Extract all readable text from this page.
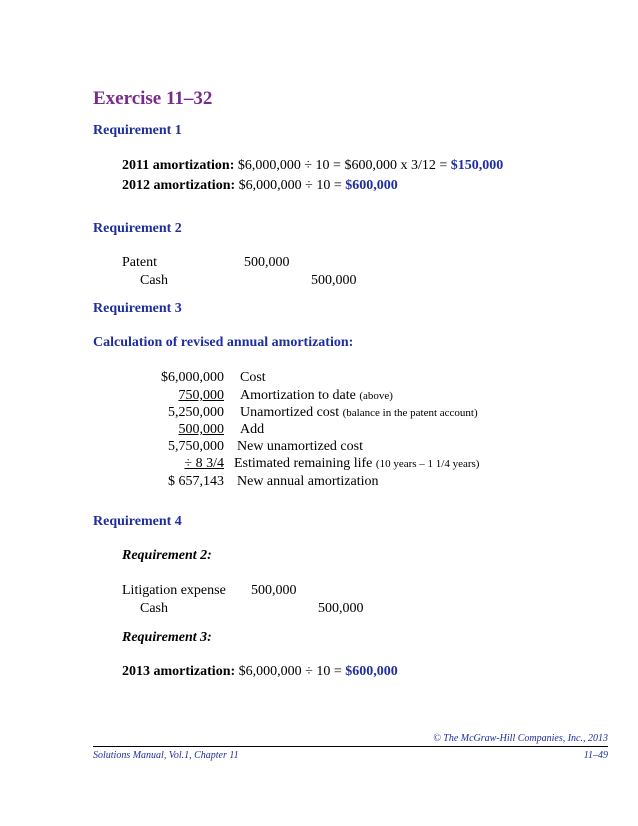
Exercise 11–32
Requirement 1
2011 amortization: $6,000,000 ÷ 10 = $600,000 x 3/12 = $150,000
2012 amortization: $6,000,000 ÷ 10 = $600,000
Requirement 2
Patent	500,000
Cash	500,000
Requirement 3
Calculation of revised annual amortization:
$6,000,000 Cost
750,000 Amortization to date (above)
5,250,000 Unamortized cost (balance in the patent account)
500,000 Add
5,750,000 New unamortized cost
÷ 8 3/4 Estimated remaining life (10 years – 1 1/4 years)
$ 657,143 New annual amortization
Requirement 4
Requirement 2:
Litigation expense 500,000
Cash	500,000
Requirement 3:
2013 amortization: $6,000,000 ÷ 10 = $600,000
© The McGraw-Hill Companies, Inc., 2013
Solutions Manual, Vol.1, Chapter 11	11–49
